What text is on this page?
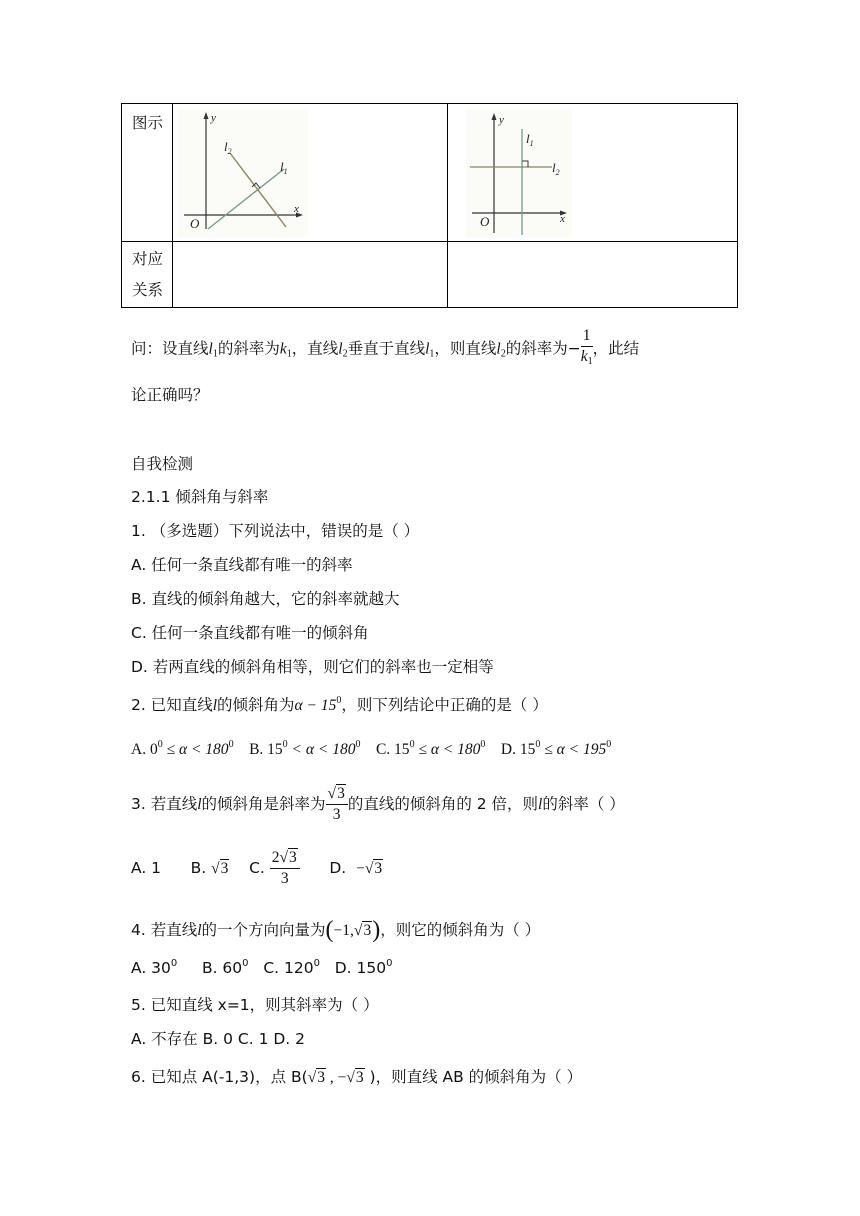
图示
对应
关系
y
x
O
$l_2$
$l_1$
y
x
O
$l_1$
$l_2$
问：设直线$l_1$的斜率为$k_1$，直线$l_2$垂直于直线$l_1$，则直线$l_2$的斜率为− $\frac{1}{k_1}$ ，此结
论正确吗？
自我检测
2.1.1 倾斜角与斜率
1. （多选题）下列说法中，错误的是（ ）
A. 任何一条直线都有唯一的斜率
B. 直线的倾斜角越大，它的斜率就越大
C. 任何一条直线都有唯一的倾斜角
D. 若两直线的倾斜角相等，则它们的斜率也一定相等
2. 已知直线l的倾斜角为$\alpha - 15^0$，则下列结论中正确的是（ ）
A. $0^0 \le \alpha < 180^0$ B. $15^0 < \alpha < 180^0$ C. $15^0 \le \alpha < 180^0$ D. $15^0 \le \alpha < 195^0$
3. 若直线l的倾斜角是斜率为 $\frac{√3}{3}$ 的直线的倾斜角的 2 倍，则l的斜率（ ）
A. 1 B. √3 C. $\frac{2√3}{3} D$. −√3
4. 若直线l的一个方向向量为(−1,√3)，则它的倾斜角为（ ）
A. $30^0$ B. $60^0$ C. $120^0$ D. $150^0$
5. 已知直线 x=1，则其斜率为（ ）
A. 不存在 B. 0 C. 1 D. 2
6. 已知点 A(-1,3)，点 B(√3 , −√3 )，则直线 AB 的倾斜角为（ ）
